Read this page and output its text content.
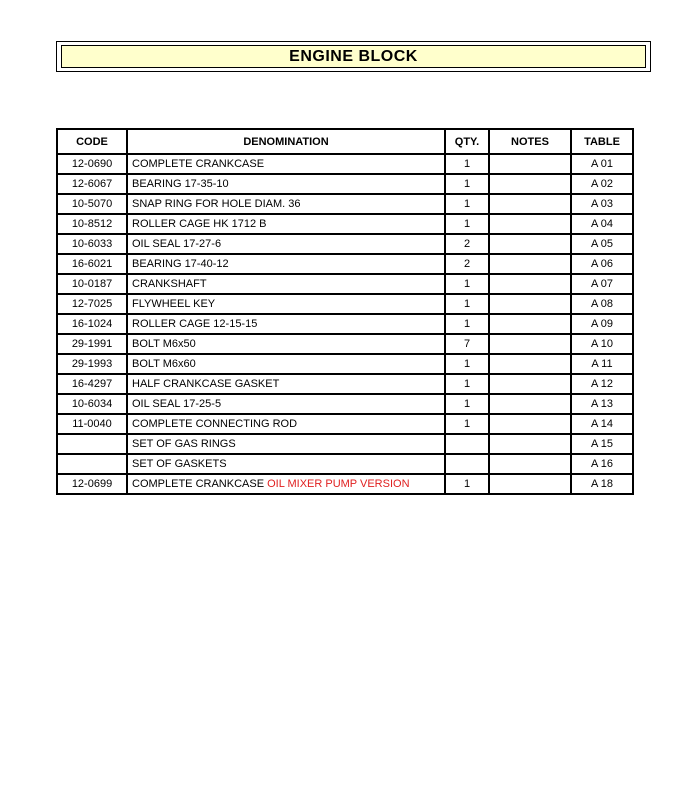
ENGINE BLOCK
CODE	DENOMINATION	QTY.	NOTES	TABLE
12-0690	COMPLETE CRANKCASE	1		A 01
12-6067	BEARING 17-35-10	1		A 02
10-5070	SNAP RING FOR HOLE DIAM. 36	1		A 03
10-8512	ROLLER CAGE HK 1712 B	1		A 04
10-6033	OIL SEAL 17-27-6	2		A 05
16-6021	BEARING 17-40-12	2		A 06
10-0187	CRANKSHAFT	1		A 07
12-7025	FLYWHEEL KEY	1		A 08
16-1024	ROLLER CAGE 12-15-15	1		A 09
29-1991	BOLT M6x50	7		A 10
29-1993	BOLT M6x60	1		A 11
16-4297	HALF CRANKCASE GASKET	1		A 12
10-6034	OIL SEAL 17-25-5	1		A 13
11-0040	COMPLETE CONNECTING ROD	1		A 14
	SET OF GAS RINGS			A 15
	SET OF GASKETS			A 16
12-0699	COMPLETE CRANKCASE OIL MIXER PUMP VERSION	1		A 18
